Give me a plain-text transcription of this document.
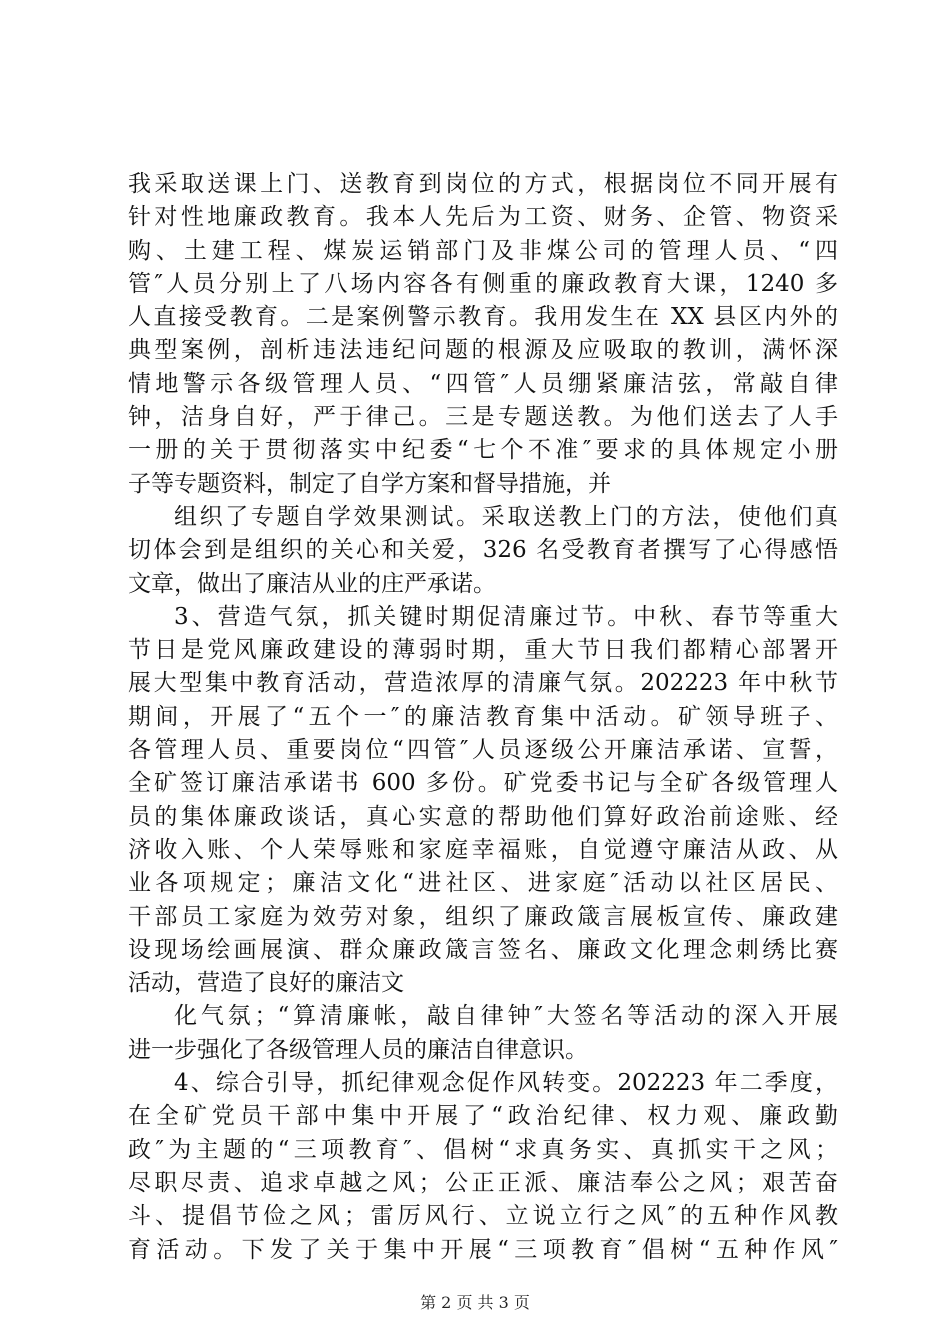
我采取送课上门、送教育到岗位的方式，根据岗位不同开展有
针对性地廉政教育。我本人先后为工资、财务、企管、物资采
购、土建工程、煤炭运销部门及非煤公司的管理人员、“四
管″人员分别上了八场内容各有侧重的廉政教育大课，1240 多
人直接受教育。二是案例警示教育。我用发生在 XX 县区内外的
典型案例，剖析违法违纪问题的根源及应吸取的教训，满怀深
情地警示各级管理人员、“四管″人员绷紧廉洁弦，常敲自律
钟，洁身自好，严于律己。三是专题送教。为他们送去了人手
一册的关于贯彻落实中纪委“七个不准″要求的具体规定小册
子等专题资料，制定了自学方案和督导措施，并
组织了专题自学效果测试。采取送教上门的方法，使他们真
切体会到是组织的关心和关爱，326 名受教育者撰写了心得感悟
文章，做出了廉洁从业的庄严承诺。
3、营造气氛，抓关键时期促清廉过节。中秋、春节等重大
节日是党风廉政建设的薄弱时期，重大节日我们都精心部署开
展大型集中教育活动，营造浓厚的清廉气氛。202223 年中秋节
期间，开展了“五个一″的廉洁教育集中活动。矿领导班子、
各管理人员、重要岗位“四管″人员逐级公开廉洁承诺、宣誓，
全矿签订廉洁承诺书 600 多份。矿党委书记与全矿各级管理人
员的集体廉政谈话，真心实意的帮助他们算好政治前途账、经
济收入账、个人荣辱账和家庭幸福账，自觉遵守廉洁从政、从
业各项规定；廉洁文化“进社区、进家庭″活动以社区居民、
干部员工家庭为效劳对象，组织了廉政箴言展板宣传、廉政建
设现场绘画展演、群众廉政箴言签名、廉政文化理念刺绣比赛
活动，营造了良好的廉洁文
化气氛；“算清廉帐，敲自律钟″大签名等活动的深入开展
进一步强化了各级管理人员的廉洁自律意识。
4、综合引导，抓纪律观念促作风转变。202223 年二季度，
在全矿党员干部中集中开展了“政治纪律、权力观、廉政勤
政″为主题的“三项教育″、倡树“求真务实、真抓实干之风；
尽职尽责、追求卓越之风；公正正派、廉洁奉公之风；艰苦奋
斗、提倡节俭之风；雷厉风行、立说立行之风″的五种作风教
育活动。下发了关于集中开展“三项教育″倡树“五种作风″
第 2 页 共 3 页
